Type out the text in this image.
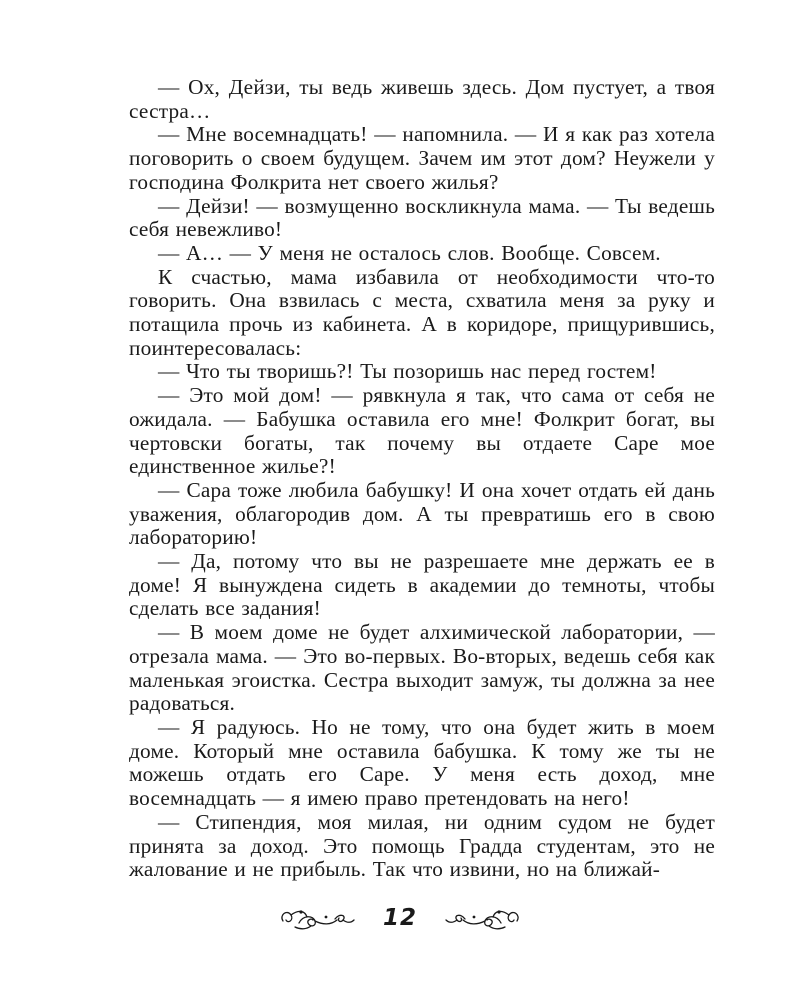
— Ох, Дейзи, ты ведь живешь здесь. Дом пустует, а твоя сестра…

— Мне восемнадцать! — напомнила. — И я как раз хотела поговорить о своем будущем. Зачем им этот дом? Неужели у господина Фолкрита нет своего жилья?

— Дейзи! — возмущенно воскликнула мама. — Ты ведешь себя невежливо!

— А… — У меня не осталось слов. Вообще. Совсем.

К счастью, мама избавила от необходимости что-то говорить. Она взвилась с места, схватила меня за руку и потащила прочь из кабинета. А в коридоре, прищурившись, поинтересовалась:

— Что ты творишь?! Ты позоришь нас перед гостем!

— Это мой дом! — рявкнула я так, что сама от себя не ожидала. — Бабушка оставила его мне! Фолкрит богат, вы чертовски богаты, так почему вы отдаете Саре мое единственное жилье?!

— Сара тоже любила бабушку! И она хочет отдать ей дань уважения, облагородив дом. А ты превратишь его в свою лабораторию!

— Да, потому что вы не разрешаете мне держать ее в доме! Я вынуждена сидеть в академии до темноты, чтобы сделать все задания!

— В моем доме не будет алхимической лаборатории, — отрезала мама. — Это во-первых. Во-вторых, ведешь себя как маленькая эгоистка. Сестра выходит замуж, ты должна за нее радоваться.

— Я радуюсь. Но не тому, что она будет жить в моем доме. Который мне оставила бабушка. К тому же ты не можешь отдать его Саре. У меня есть доход, мне восемнадцать — я имею право претендовать на него!

— Стипендия, моя милая, ни одним судом не будет принята за доход. Это помощь Градда студентам, это не жалование и не прибыль. Так что извини, но на ближай-

12
